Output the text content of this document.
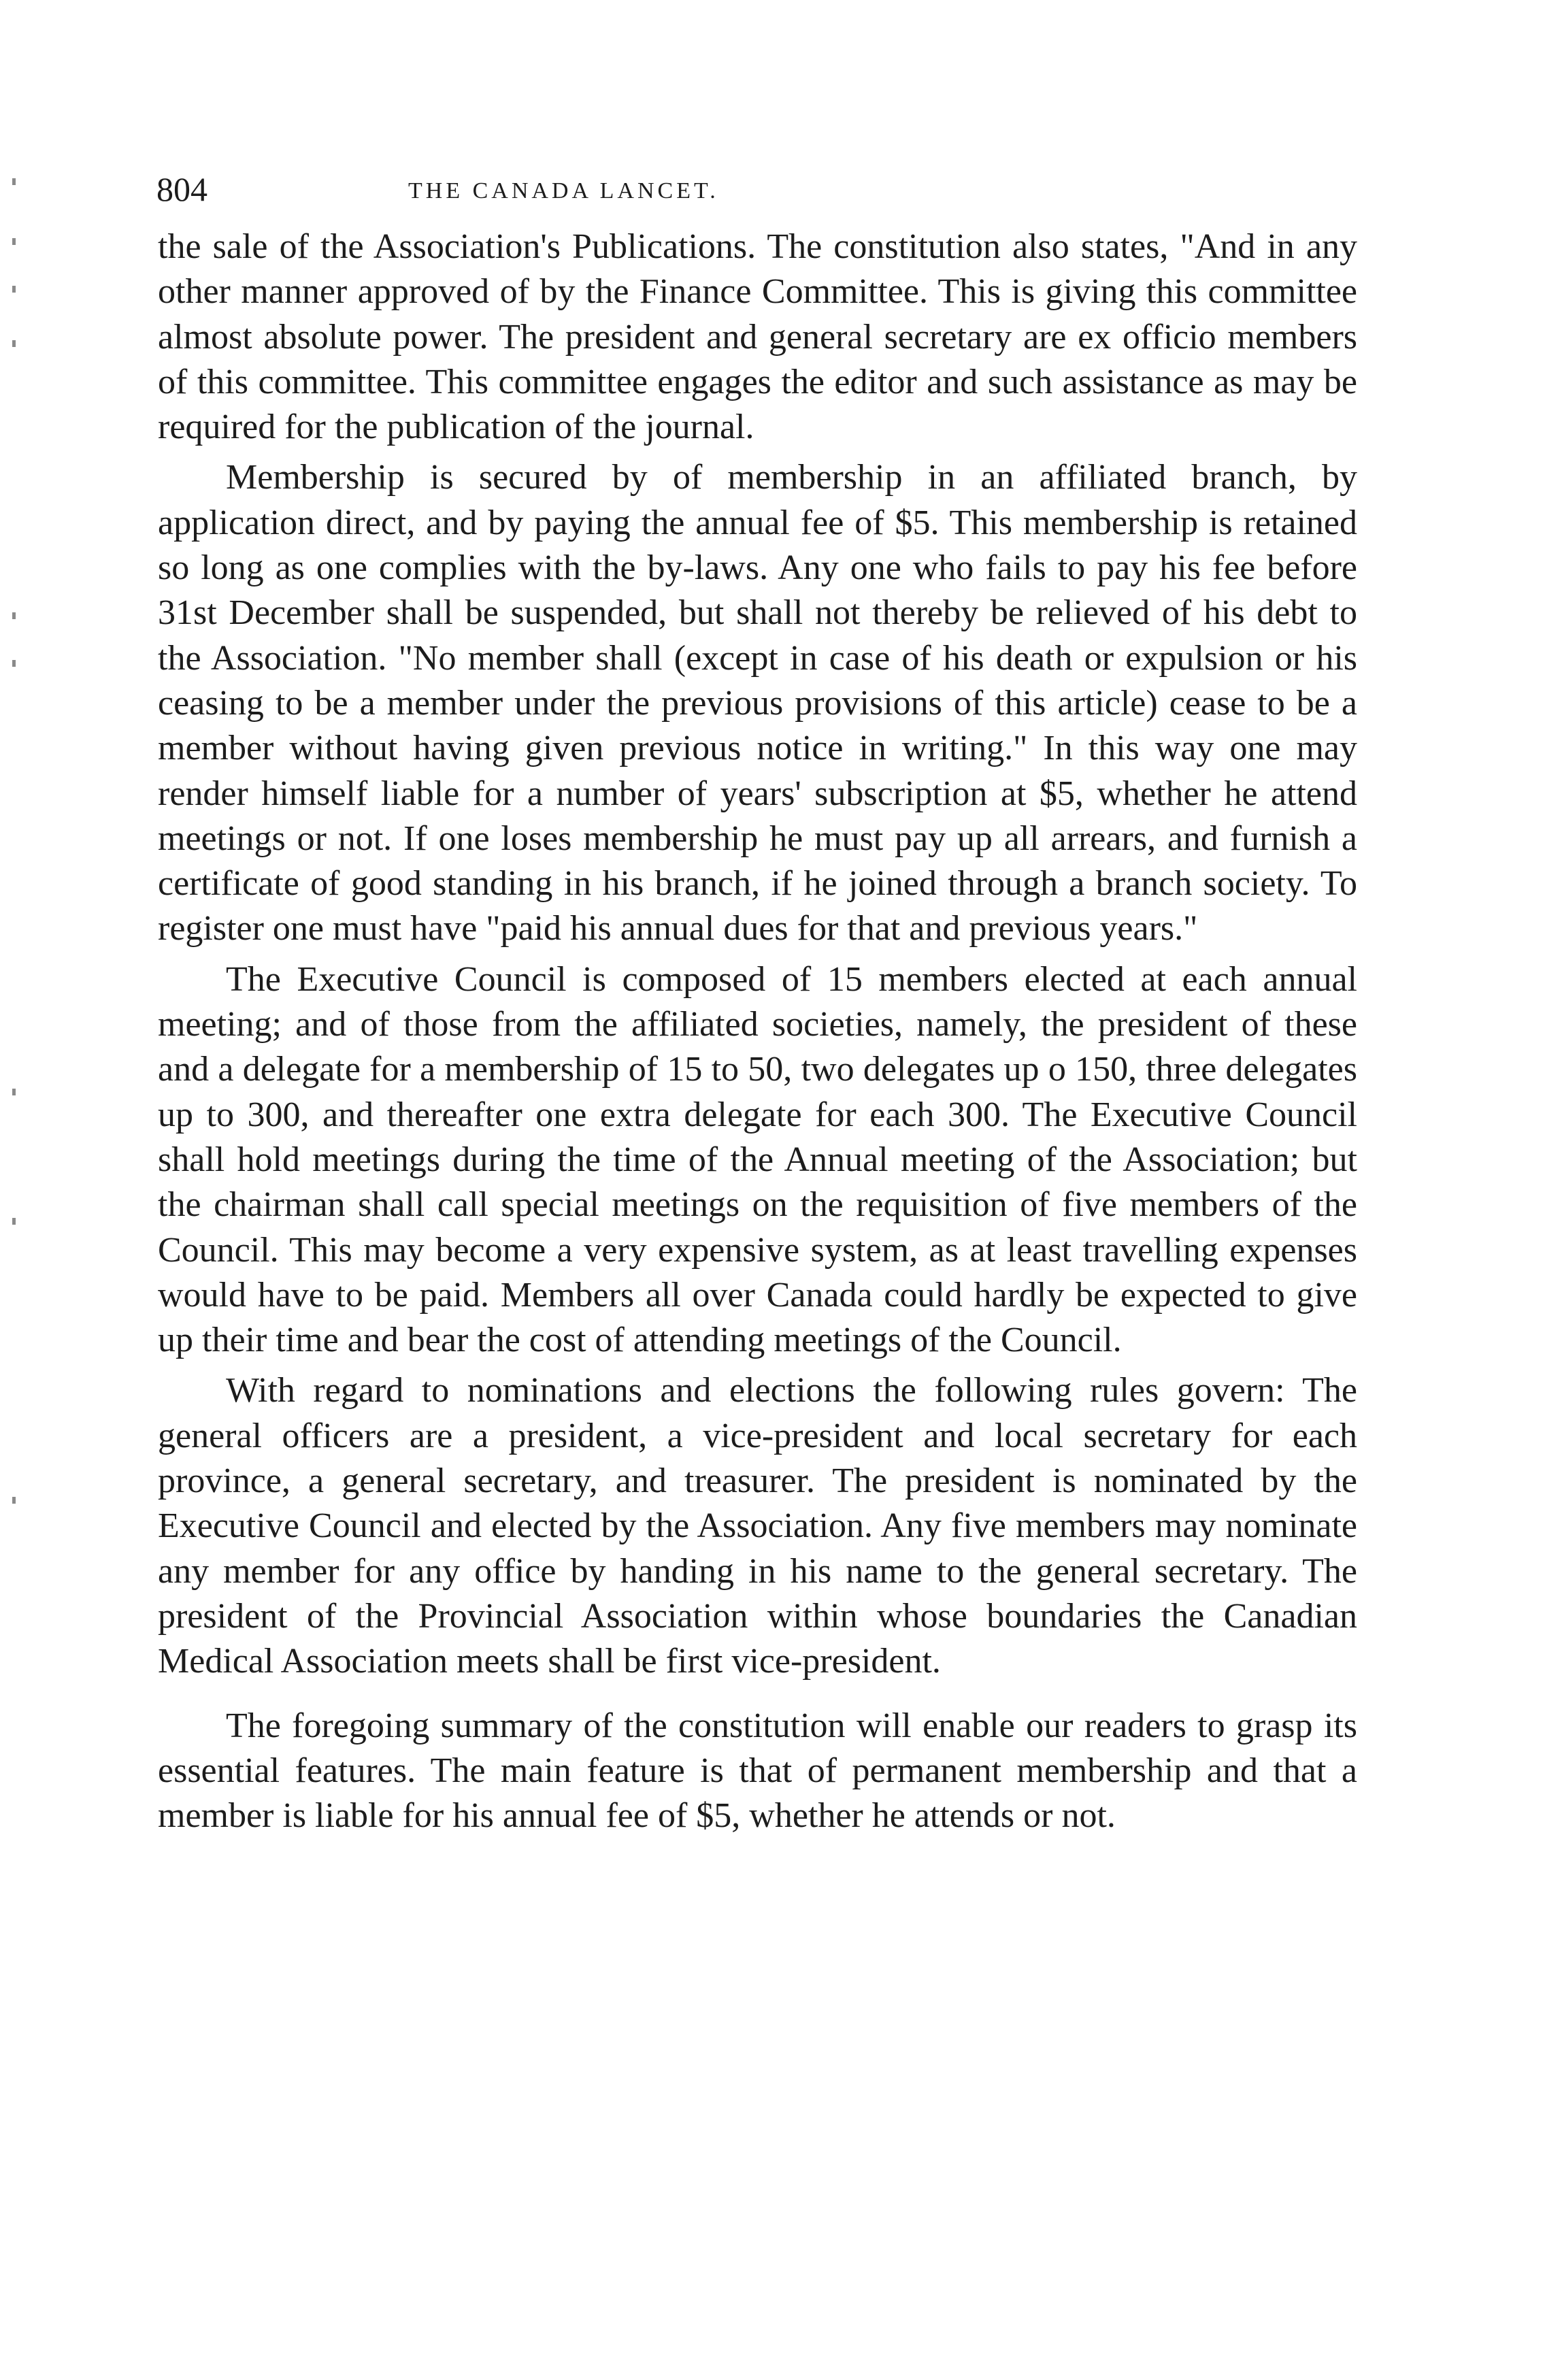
804	THE CANADA LANCET.

the sale of the Association's Publications. The constitution also states, "And in any other manner approved of by the Finance Committee. This is giving this committee almost absolute power. The president and general secretary are ex officio members of this committee. This committee engages the editor and such assistance as may be required for the publication of the journal.

Membership is secured by of membership in an affiliated branch, by application direct, and by paying the annual fee of $5. This membership is retained so long as one complies with the by-laws. Any one who fails to pay his fee before 31st December shall be suspended, but shall not thereby be relieved of his debt to the Association. "No member shall (except in case of his death or expulsion or his ceasing to be a member under the previous provisions of this article) cease to be a member without having given previous notice in writing." In this way one may render himself liable for a number of years' subscription at $5, whether he attend meetings or not. If one loses membership he must pay up all arrears, and furnish a certificate of good standing in his branch, if he joined through a branch society. To register one must have "paid his annual dues for that and previous years."

The Executive Council is composed of 15 members elected at each annual meeting; and of those from the affiliated societies, namely, the president of these and a delegate for a membership of 15 to 50, two delegates up o 150, three delegates up to 300, and thereafter one extra delegate for each 300. The Executive Council shall hold meetings during the time of the Annual meeting of the Association; but the chairman shall call special meetings on the requisition of five members of the Council. This may become a very expensive system, as at least travelling expenses would have to be paid. Members all over Canada could hardly be expected to give up their time and bear the cost of attending meetings of the Council.

With regard to nominations and elections the following rules govern: The general officers are a president, a vice-president and local secretary for each province, a general secretary, and treasurer. The president is nominated by the Executive Council and elected by the Association. Any five members may nominate any member for any office by handing in his name to the general secretary. The president of the Provincial Association within whose boundaries the Canadian Medical Association meets shall be first vice-president.

The foregoing summary of the constitution will enable our readers to grasp its essential features. The main feature is that of permanent membership and that a member is liable for his annual fee of $5, whether he attends or not.
